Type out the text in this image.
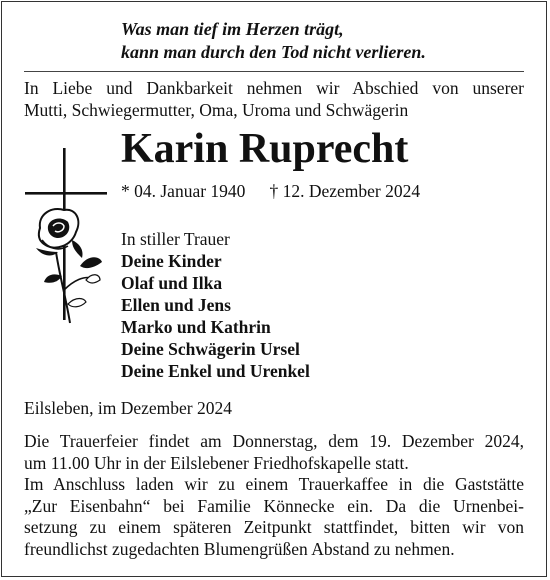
Was man tief im Herzen trägt,
kann man durch den Tod nicht verlieren.
In Liebe und Dankbarkeit nehmen wir Abschied von unserer
Mutti, Schwiegermutter, Oma, Uroma und Schwägerin
Karin Ruprecht
* 04. Januar 1940 † 12. Dezember 2024
In stiller Trauer
Deine Kinder
Olaf und Ilka
Ellen und Jens
Marko und Kathrin
Deine Schwägerin Ursel
Deine Enkel und Urenkel
Eilsleben, im Dezember 2024
Die Trauerfeier findet am Donnerstag, dem 19. Dezember 2024,
um 11.00 Uhr in der Eilslebener Friedhofskapelle statt.
Im Anschluss laden wir zu einem Trauerkaffee in die Gaststätte
„Zur Eisenbahn“ bei Familie Könnecke ein. Da die Urnenbei-
setzung zu einem späteren Zeitpunkt stattfindet, bitten wir von
freundlichst zugedachten Blumengrüßen Abstand zu nehmen.
